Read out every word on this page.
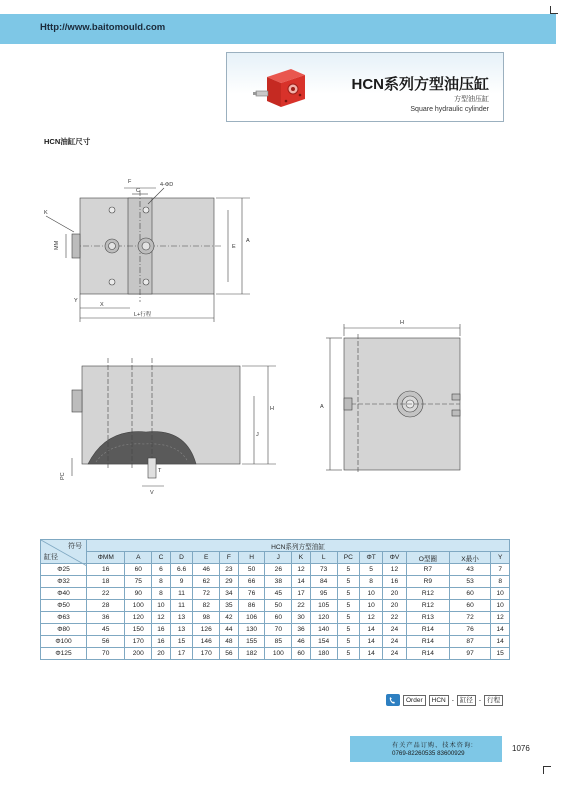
Http://www.baitomould.com
HCN系列方型油压缸
方型油压缸
Square hydraulic cylinder
HCN油缸尺寸
F
C
4-ΦD
K
MM	E
A
Y
X
L+行程
H
J
PC
T
V
H
A
符号
缸径	HCN系列方型油缸															
	ΦMM	A	C	D	E	F	H	J	K	L	PC	ΦT	ΦV	O型圈	X最小	Y
Φ25	16	60	6	6.6	46	23	50	26	12	73	5	5	12	R7	43	7
Φ32	18	75	8	9	62	29	66	38	14	84	5	8	16	R9	53	8
Φ40	22	90	8	11	72	34	76	45	17	95	5	10	20	R12	60	10
Φ50	28	100	10	11	82	35	86	50	22	105	5	10	20	R12	60	10
Φ63	36	120	12	13	98	42	106	60	30	120	5	12	22	R13	72	12
Φ80	45	150	16	13	126	44	130	70	36	140	5	14	24	R14	76	14
Φ100	56	170	16	15	146	48	155	85	46	154	5	14	24	R14	87	14
Φ125	70	200	20	17	170	56	182	100	60	180	5	14	24	R14	97	15
Order	HCN - 缸径 - 行程
有关产品订购、技术咨询:
0769-82260535 83600929
1076
